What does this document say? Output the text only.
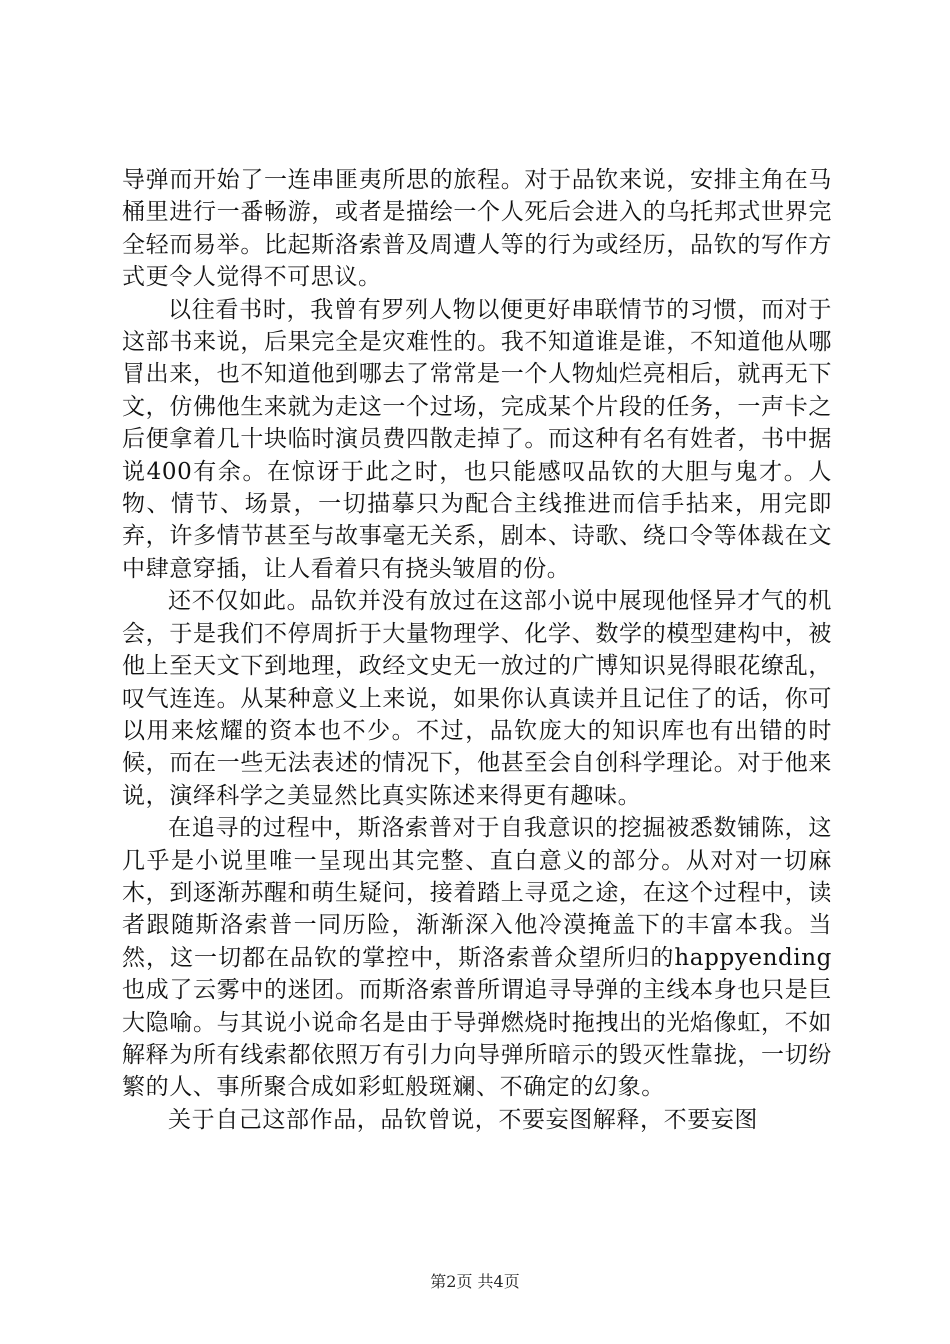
导弹而开始了一连串匪夷所思的旅程。对于品钦来说，安排主角在马桶里进行一番畅游，或者是描绘一个人死后会进入的乌托邦式世界完全轻而易举。比起斯洛索普及周遭人等的行为或经历，品钦的写作方式更令人觉得不可思议。

以往看书时，我曾有罗列人物以便更好串联情节的习惯，而对于这部书来说，后果完全是灾难性的。我不知道谁是谁，不知道他从哪冒出来，也不知道他到哪去了常常是一个人物灿烂亮相后，就再无下文，仿佛他生来就为走这一个过场，完成某个片段的任务，一声卡之后便拿着几十块临时演员费四散走掉了。而这种有名有姓者，书中据说400有余。在惊讶于此之时，也只能感叹品钦的大胆与鬼才。人物、情节、场景，一切描摹只为配合主线推进而信手拈来，用完即弃，许多情节甚至与故事毫无关系，剧本、诗歌、绕口令等体裁在文中肆意穿插，让人看着只有挠头皱眉的份。

还不仅如此。品钦并没有放过在这部小说中展现他怪异才气的机会，于是我们不停周折于大量物理学、化学、数学的模型建构中，被他上至天文下到地理，政经文史无一放过的广博知识晃得眼花缭乱，叹气连连。从某种意义上来说，如果你认真读并且记住了的话，你可以用来炫耀的资本也不少。不过，品钦庞大的知识库也有出错的时候，而在一些无法表述的情况下，他甚至会自创科学理论。对于他来说，演绎科学之美显然比真实陈述来得更有趣味。

在追寻的过程中，斯洛索普对于自我意识的挖掘被悉数铺陈，这几乎是小说里唯一呈现出其完整、直白意义的部分。从对对一切麻木，到逐渐苏醒和萌生疑问，接着踏上寻觅之途，在这个过程中，读者跟随斯洛索普一同历险，渐渐深入他冷漠掩盖下的丰富本我。当然，这一切都在品钦的掌控中，斯洛索普众望所归的happyending也成了云雾中的迷团。而斯洛索普所谓追寻导弹的主线本身也只是巨大隐喻。与其说小说命名是由于导弹燃烧时拖拽出的光焰像虹，不如解释为所有线索都依照万有引力向导弹所暗示的毁灭性靠拢，一切纷繁的人、事所聚合成如彩虹般斑斓、不确定的幻象。

关于自己这部作品，品钦曾说，不要妄图解释，不要妄图

第2页 共4页
